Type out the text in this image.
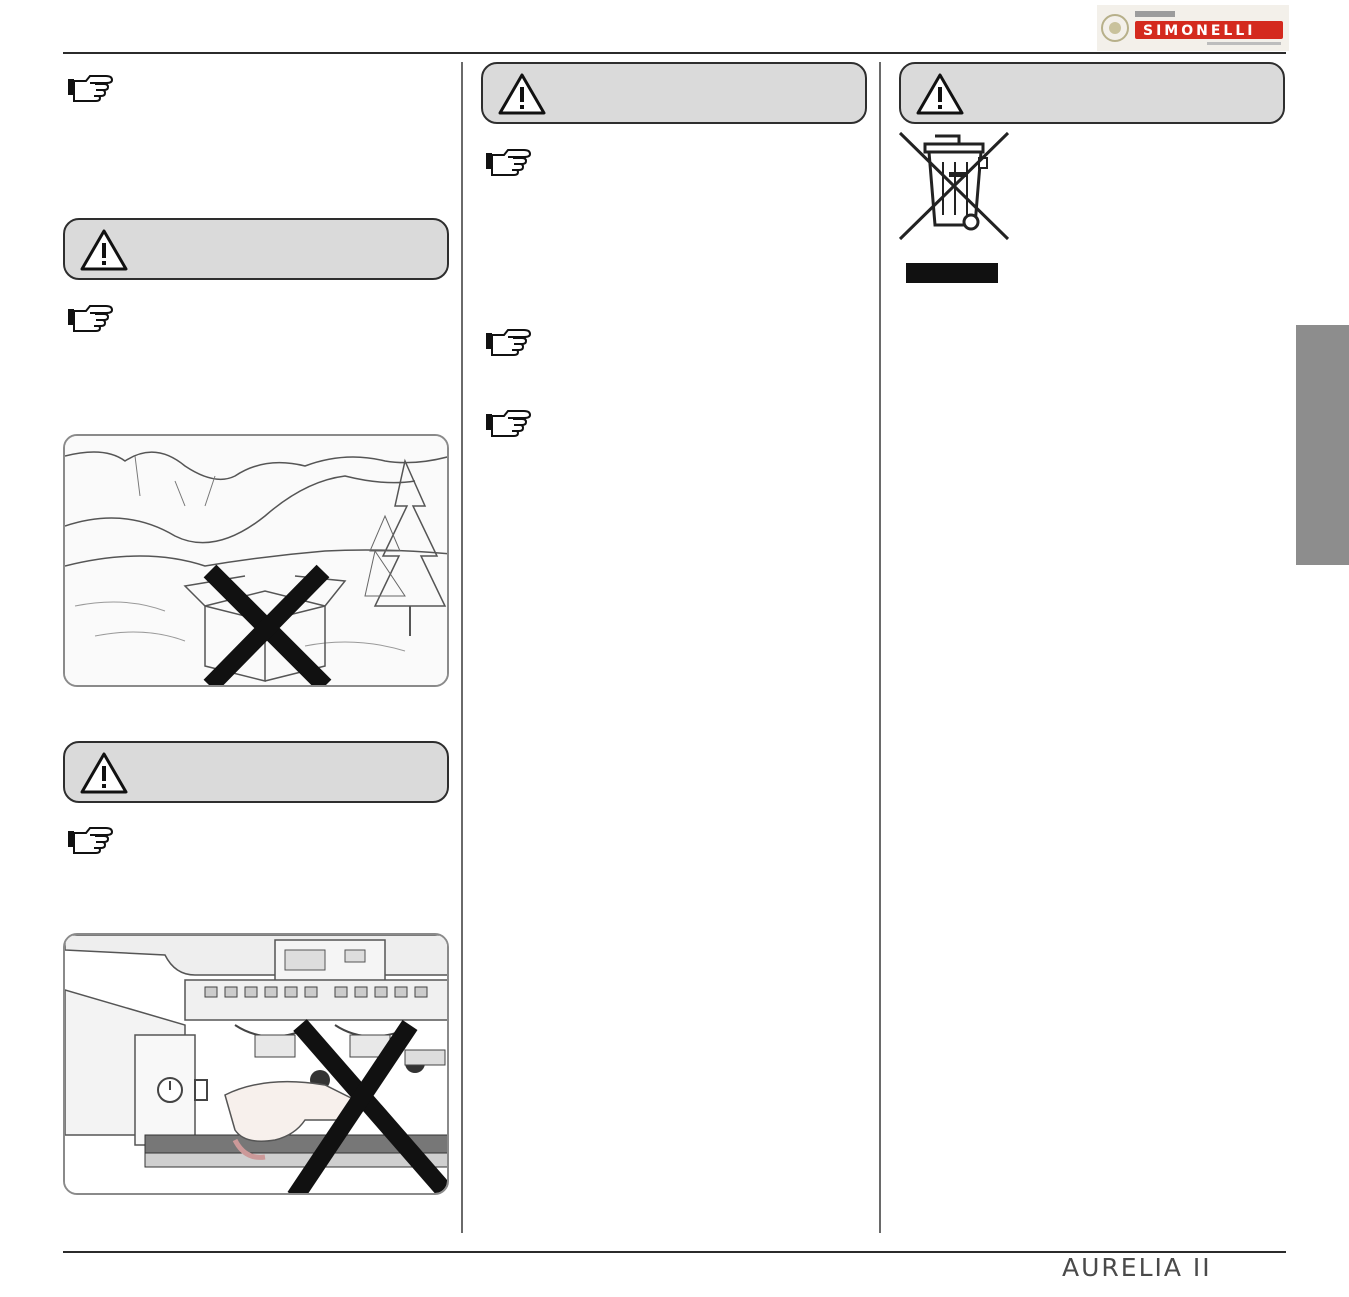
SIMONELLI
AURELIA II
